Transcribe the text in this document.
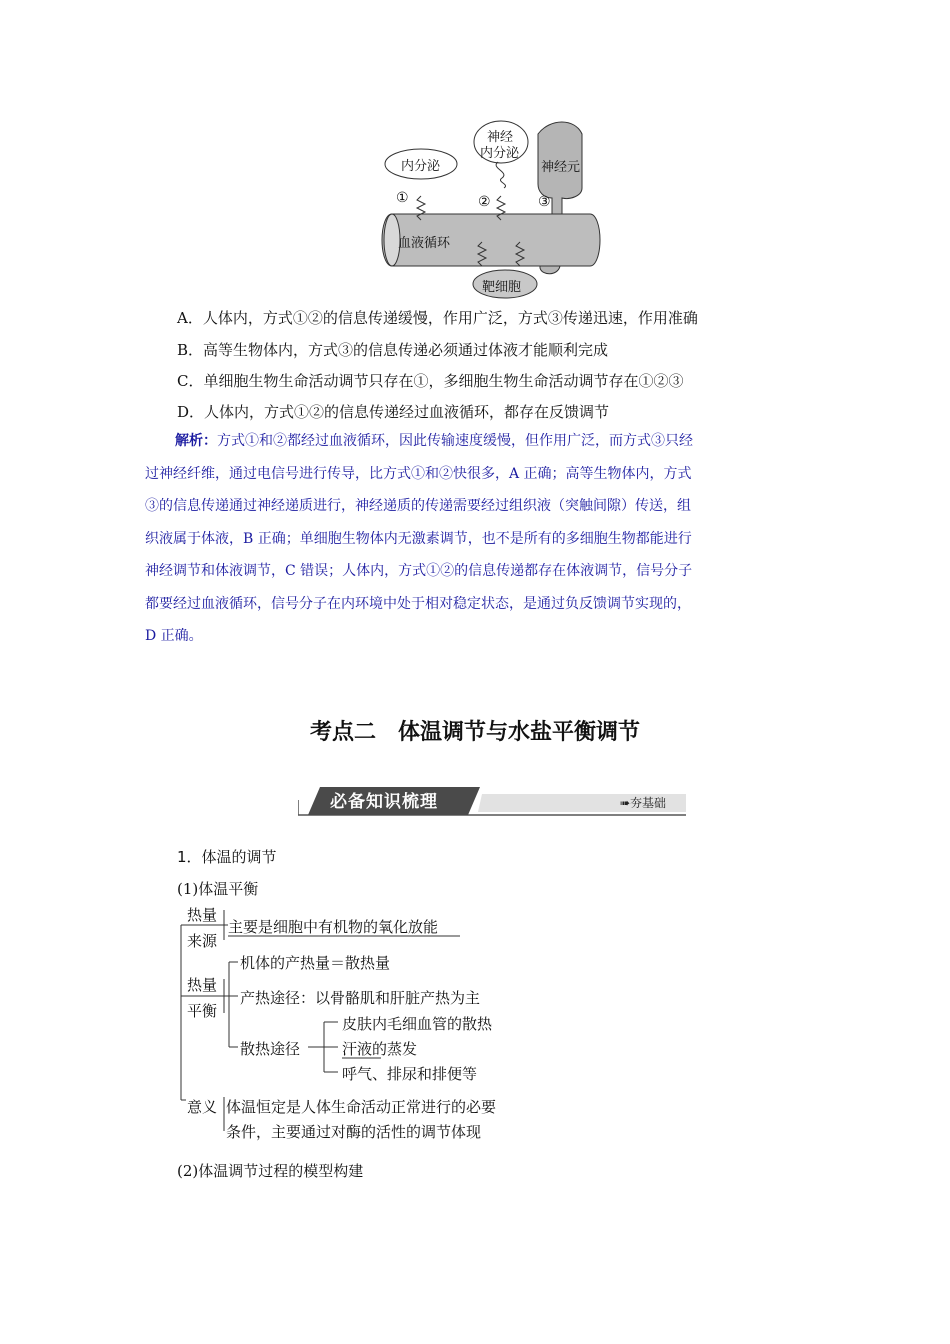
内分泌
神经
内分泌
神经元
①	②	③
血液循环
靶细胞
A．人体内，方式①②的信息传递缓慢，作用广泛，方式③传递迅速，作用准确
B．高等生物体内，方式③的信息传递必须通过体液才能顺利完成
C．单细胞生物生命活动调节只存在①，多细胞生物生命活动调节存在①②③
D．人体内，方式①②的信息传递经过血液循环，都存在反馈调节
解析：方式①和②都经过血液循环，因此传输速度缓慢，但作用广泛，而方式③只经
过神经纤维，通过电信号进行传导，比方式①和②快很多，A 正确；高等生物体内，方式
③的信息传递通过神经递质进行，神经递质的传递需要经过组织液（突触间隙）传送，组
织液属于体液，B 正确；单细胞生物体内无激素调节，也不是所有的多细胞生物都能进行
神经调节和体液调节，C 错误；人体内，方式①②的信息传递都存在体液调节，信号分子
都要经过血液循环，信号分子在内环境中处于相对稳定状态，是通过负反馈调节实现的，
D 正确。
考点二　体温调节与水盐平衡调节
必备知识梳理	➠夯基础
1．体温的调节
(1)体温平衡
热量
来源
主要是细胞中有机物的氧化放能
热量
平衡
机体的产热量＝散热量
产热途径：以骨骼肌和肝脏产热为主
散热途径
皮肤内毛细血管的散热
汗液的蒸发
呼气、排尿和排便等
意义 体温恒定是人体生命活动正常进行的必要
条件，主要通过对酶的活性的调节体现
(2)体温调节过程的模型构建
